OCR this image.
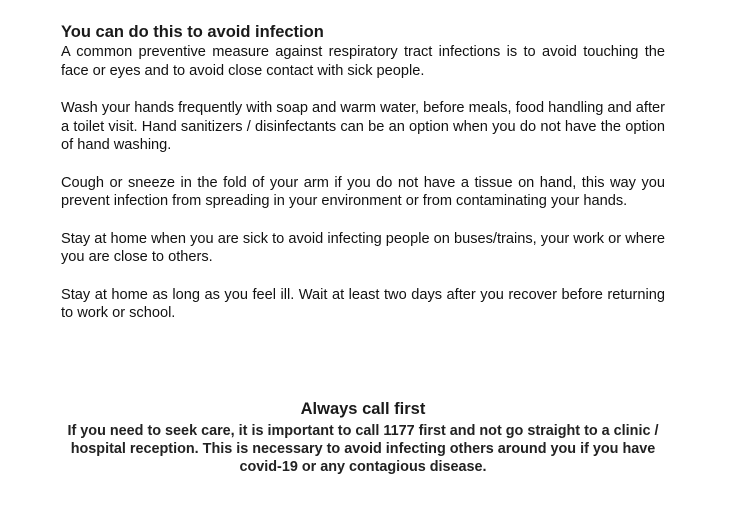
You can do this to avoid infection

A common preventive measure against respiratory tract infections is to avoid touching the face or eyes and to avoid close contact with sick people.

Wash your hands frequently with soap and warm water, before meals, food handling and after a toilet visit. Hand sanitizers / disinfectants can be an option when you do not have the option of hand washing.

Cough or sneeze in the fold of your arm if you do not have a tissue on hand, this way you prevent infection from spreading in your environment or from contaminating your hands.

Stay at home when you are sick to avoid infecting people on buses/trains, your work or where you are close to others.

Stay at home as long as you feel ill. Wait at least two days after you recover before returning to work or school.

Always call first

If you need to seek care, it is important to call 1177 first and not go straight to a clinic / hospital reception. This is necessary to avoid infecting others around you if you have covid-19 or any contagious disease.
